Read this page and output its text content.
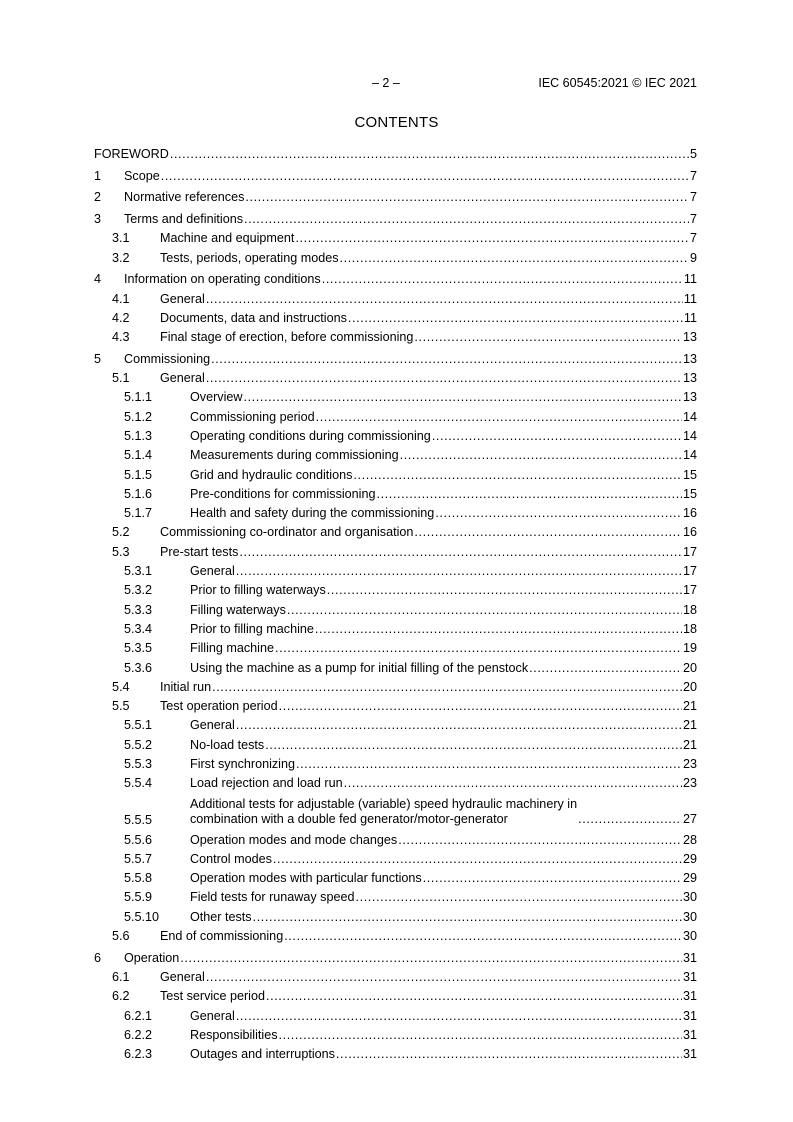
– 2 –	IEC 60545:2021 © IEC 2021
CONTENTS
FOREWORD .....	5
1 Scope .....	7
2 Normative references .....	7
3 Terms and definitions .....	7
3.1 Machine and equipment .....	7
3.2 Tests, periods, operating modes .....	9
4 Information on operating conditions .....	11
4.1 General .....	11
4.2 Documents, data and instructions .....	11
4.3 Final stage of erection, before commissioning .....	13
5 Commissioning .....	13
5.1 General .....	13
5.1.1	Overview .....	13
5.1.2	Commissioning period .....	14
5.1.3	Operating conditions during commissioning .....	14
5.1.4	Measurements during commissioning .....	14
5.1.5	Grid and hydraulic conditions .....	15
5.1.6	Pre-conditions for commissioning .....	15
5.1.7	Health and safety during the commissioning .....	16
5.2 Commissioning co-ordinator and organisation .....	16
5.3 Pre-start tests .....	17
5.3.1	General .....	17
5.3.2	Prior to filling waterways .....	17
5.3.3	Filling waterways .....	18
5.3.4	Prior to filling machine .....	18
5.3.5	Filling machine .....	19
5.3.6	Using the machine as a pump for initial filling of the penstock .....	20
5.4 Initial run .....	20
5.5 Test operation period .....	21
5.5.1	General .....	21
5.5.2	No-load tests .....	21
5.5.3	First synchronizing .....	23
5.5.4	Load rejection and load run .....	23
5.5.5
Additional tests for adjustable (variable) speed hydraulic machinery in
combination with a double fed generator/motor-generator .....	27
5.5.6	Operation modes and mode changes .....	28
5.5.7	Control modes .....	29
5.5.8	Operation modes with particular functions .....	29
5.5.9	Field tests for runaway speed .....	30
5.5.10 Other tests .....	30
5.6 End of commissioning .....	30
6 Operation .....	31
6.1 General .....	31
6.2 Test service period .....	31
6.2.1	General .....	31
6.2.2	Responsibilities .....	31
6.2.3	Outages and interruptions .....	31
